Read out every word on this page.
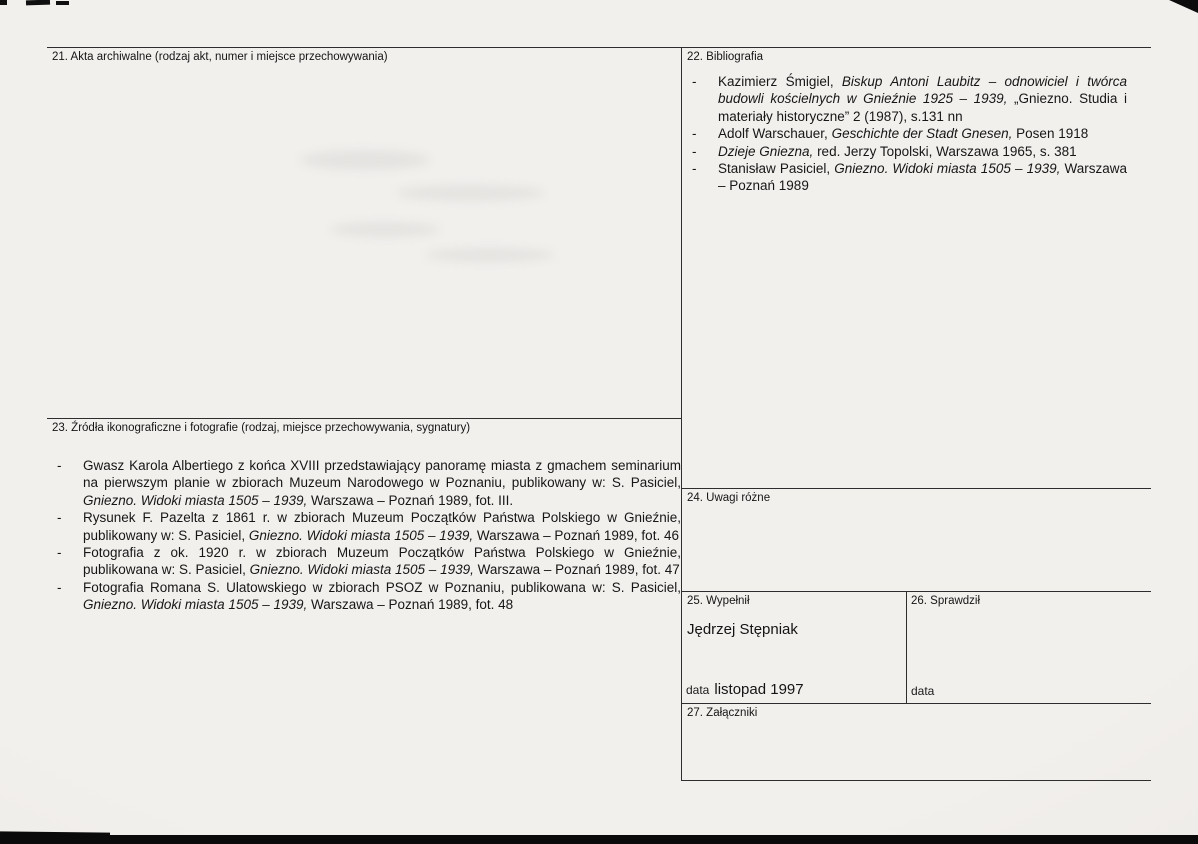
21. Akta archiwalne (rodzaj akt, numer i miejsce przechowywania)	22. Bibliografia
-	Kazimierz Śmigiel, Biskup Antoni Laubitz – odnowiciel i twórca budowli kościelnych w Gnieźnie 1925 – 1939, „Gniezno. Studia i materiały historyczne” 2 (1987), s.131 nn
-	Adolf Warschauer, Geschichte der Stadt Gnesen, Posen 1918
-	Dzieje Gniezna, red. Jerzy Topolski, Warszawa 1965, s. 381
-	Stanisław Pasiciel, Gniezno. Widoki miasta 1505 – 1939, Warszawa – Poznań 1989
23. Źródła ikonograficzne i fotografie (rodzaj, miejsce przechowywania, sygnatury)
-	Gwasz Karola Albertiego z końca XVIII przedstawiający panoramę miasta z gmachem seminarium na pierwszym planie w zbiorach Muzeum Narodowego w Poznaniu, publikowany w: S. Pasiciel, Gniezno. Widoki miasta 1505 – 1939, Warszawa – Poznań 1989, fot. III.
-	Rysunek F. Pazelta z 1861 r. w zbiorach Muzeum Początków Państwa Polskiego w Gnieźnie, publikowany w: S. Pasiciel, Gniezno. Widoki miasta 1505 – 1939, Warszawa – Poznań 1989, fot. 46
-	Fotografia z ok. 1920 r. w zbiorach Muzeum Początków Państwa Polskiego w Gnieźnie, publikowana w: S. Pasiciel, Gniezno. Widoki miasta 1505 – 1939, Warszawa – Poznań 1989, fot. 47
-	Fotografia Romana S. Ulatowskiego w zbiorach PSOZ w Poznaniu, publikowana w: S. Pasiciel, Gniezno. Widoki miasta 1505 – 1939, Warszawa – Poznań 1989, fot. 48
24. Uwagi różne
25. Wypełnił	26. Sprawdził
Jędrzej Stępniak
data listopad 1997	data
27. Załączniki
